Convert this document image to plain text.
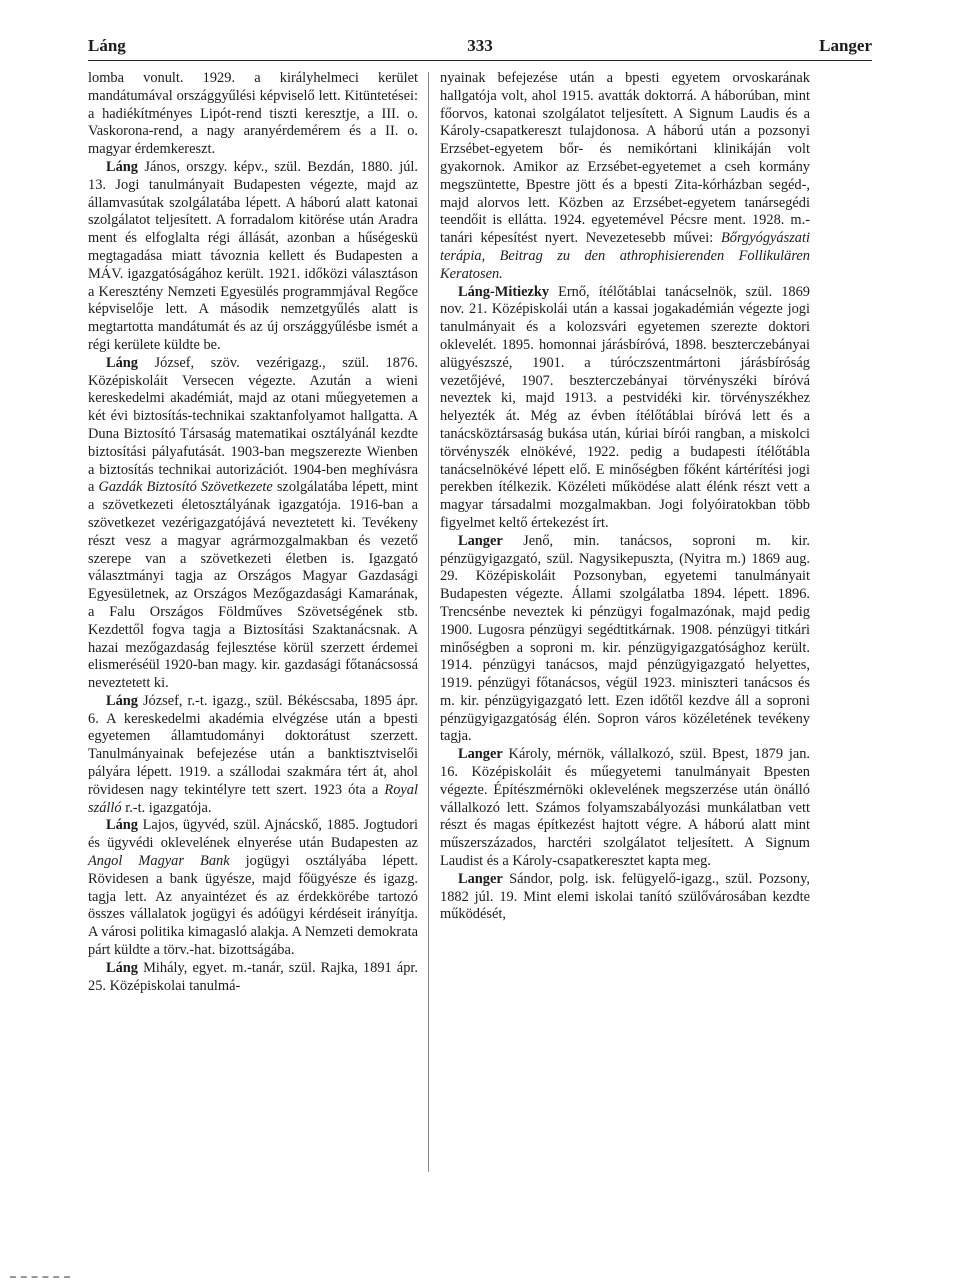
Láng	333	Langer

lomba vonult. 1929. a királyhelmeci kerület mandátumával országgyűlési képviselő lett. Kitüntetései: a hadiékítményes Lipót-rend tiszti keresztje, a III. o. Vaskorona-rend, a nagy aranyérdemérem és a II. o. magyar érdemkereszt.

Láng János, orszgy. képv., szül. Bezdán, 1880. júl. 13. Jogi tanulmányait Budapesten végezte, majd az államvasútak szolgálatába lépett. A háború alatt katonai szolgálatot teljesített. A forradalom kitörése után Aradra ment és elfoglalta régi állását, azonban a hűségeskü megtagadása miatt távoznia kellett és Budapesten a MÁV. igazgatóságához került. 1921. időközi választáson a Keresztény Nemzeti Egyesülés programmjával Regőce képviselője lett. A második nemzetgyűlés alatt is megtartotta mandátumát és az új országgyűlésbe ismét a régi kerülete küldte be.

Láng József, szöv. vezérigazg., szül. 1876. Középiskoláit Versecen végezte. Azután a wieni kereskedelmi akadémiát, majd az otani műegyetemen a két évi biztosítás-technikai szaktanfolyamot hallgatta. A Duna Biztosító Társaság matematikai osztályánál kezdte biztosítási pályafutását. 1903-ban megszerezte Wienben a biztosítás technikai autorizációt. 1904-ben meghívásra a Gazdák Biztosító Szövetkezete szolgálatába lépett, mint a szövetkezeti életosztályának igazgatója. 1916-ban a szövetkezet vezérigazgatójává neveztetett ki. Tevékeny részt vesz a magyar agrármozgalmakban és vezető szerepe van a szövetkezeti életben is. Igazgató választmányi tagja az Országos Magyar Gazdasági Egyesületnek, az Országos Mezőgazdasági Kamarának, a Falu Országos Földműves Szövetségének stb. Kezdettől fogva tagja a Biztosítási Szaktanácsnak. A hazai mezőgazdaság fejlesztése körül szerzett érdemei elismeréséül 1920-ban magy. kir. gazdasági főtanácsossá neveztetett ki.

Láng József, r.-t. igazg., szül. Békéscsaba, 1895 ápr. 6. A kereskedelmi akadémia elvégzése után a bpesti egyetemen államtudományi doktorátust szerzett. Tanulmányainak befejezése után a banktisztviselői pályára lépett. 1919. a szállodai szakmára tért át, ahol rövidesen nagy tekintélyre tett szert. 1923 óta a Royal szálló r.-t. igazgatója.

Láng Lajos, ügyvéd, szül. Ajnácskő, 1885. Jogtudori és ügyvédi oklevelének elnyerése után Budapesten az Angol Magyar Bank jogügyi osztályába lépett. Rövidesen a bank ügyésze, majd főügyésze és igazg. tagja lett. Az anyaintézet és az érdekkörébe tartozó összes vállalatok jogügyi és adóügyi kérdéseit irányítja. A városi politika kimagasló alakja. A Nemzeti demokrata párt küldte a törv.-hat. bizottságába.

Láng Mihály, egyet. m.-tanár, szül. Rajka, 1891 ápr. 25. Középiskolai tanulmá-

nyainak befejezése után a bpesti egyetem orvoskarának hallgatója volt, ahol 1915. avatták doktorrá. A háborúban, mint főorvos, katonai szolgálatot teljesített. A Signum Laudis és a Károly-csapatkereszt tulajdonosa. A háború után a pozsonyi Erzsébet-egyetem bőr- és nemikórtani klinikáján volt gyakornok. Amikor az Erzsébet-egyetemet a cseh kormány megszüntette, Bpestre jött és a bpesti Zita-kórházban segéd-, majd alorvos lett. Közben az Erzsébet-egyetem tanársegédi teendőit is ellátta. 1924. egyetemével Pécsre ment. 1928. m.-tanári képesítést nyert. Nevezetesebb művei: Bőrgyógyászati terápia, Beitrag zu den athrophisierenden Follikulären Keratosen.

Láng-Mitiezky Ernő, ítélőtáblai tanácselnök, szül. 1869 nov. 21. Középiskolái után a kassai jogakadémián végezte jogi tanulmányait és a kolozsvári egyetemen szerezte doktori oklevelét. 1895. homonnai járásbíróvá, 1898. beszterczebányai alügyészszé, 1901. a túróczszentmártoni járásbíróság vezetőjévé, 1907. beszterczebányai törvényszéki bíróvá neveztek ki, majd 1913. a pestvidéki kir. törvényszékhez helyezték át. Még az évben ítélőtáblai bíróvá lett és a tanácsköztársaság bukása után, kúriai bírói rangban, a miskolci törvényszék elnökévé, 1922. pedig a budapesti ítélőtábla tanácselnökévé lépett elő. E minőségben főként kártérítési jogi perekben ítélkezik. Közéleti működése alatt élénk részt vett a magyar társadalmi mozgalmakban. Jogi folyóiratokban több figyelmet keltő értekezést írt.

Langer Jenő, min. tanácsos, soproni m. kir. pénzügyigazgató, szül. Nagysikepuszta, (Nyitra m.) 1869 aug. 29. Középiskoláit Pozsonyban, egyetemi tanulmányait Budapesten végezte. Állami szolgálatba 1894. lépett. 1896. Trencsénbe neveztek ki pénzügyi fogalmazónak, majd pedig 1900. Lugosra pénzügyi segédtitkárnak. 1908. pénzügyi titkári minőségben a soproni m. kir. pénzügyigazgatósághoz került. 1914. pénzügyi tanácsos, majd pénzügyigazgató helyettes, 1919. pénzügyi főtanácsos, végül 1923. miniszteri tanácsos és m. kir. pénzügyigazgató lett. Ezen időtől kezdve áll a soproni pénzügyigazgatóság élén. Sopron város közéletének tevékeny tagja.

Langer Károly, mérnök, vállalkozó, szül. Bpest, 1879 jan. 16. Középiskoláit és műegyetemi tanulmányait Bpesten végezte. Építészmérnöki oklevelének megszerzése után önálló vállalkozó lett. Számos folyamszabályozási munkálatban vett részt és magas építkezést hajtott végre. A háború alatt mint műszerszázados, harctéri szolgálatot teljesített. A Signum Laudist és a Károly-csapatkeresztet kapta meg.

Langer Sándor, polg. isk. felügyelő-igazg., szül. Pozsony, 1882 júl. 19. Mint elemi iskolai tanító szülővárosában kezdte működését,
